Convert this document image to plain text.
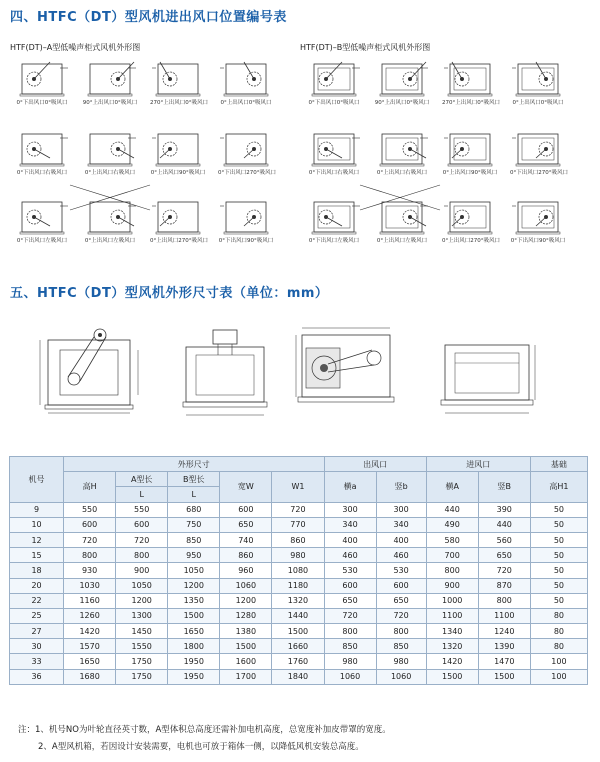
四、HTFC（DT）型风机进出风口位置编号表
HTF(DT)–A型低噪声柜式风机外形图	HTF(DT)–B型低噪声柜式风机外形图
0°下出风口0°吸风口	90°上出风口0°吸风口 270°上出风口0°吸风口	0°上出风口0°吸风口
0°下出风口右吸风口	0°上出风口右吸风口	0°上出风口90°吸风口 0°下出风口270°吸风口
0°下出风口左吸风口	0°上出风口左吸风口	0°上出风口270°吸风口 0°下出风口90°吸风口
0°下出风口0°吸风口	90°上出风口0°吸风口 270°上出风口0°吸风口	0°上出风口0°吸风口
0°下出风口右吸风口	0°上出风口右吸风口	0°上出风口90°吸风口 0°下出风口270°吸风口
0°下出风口左吸风口	0°上出风口左吸风口	0°上出风口270°吸风口 0°下出风口90°吸风口
五、HTFC（DT）型风机外形尺寸表（单位：mm）
机号	外形尺寸					出风口		进风口		基础
	高H	A型长	B型长	宽W	W1	横a	竖b	横A	竖B	高H1
		L	L							
9	550	550	680	600	720	300	300	440	390	50
10	600	600	750	650	770	340	340	490	440	50
12	720	720	850	740	860	400	400	580	560	50
15	800	800	950	860	980	460	460	700	650	50
18	930	900	1050	960	1080	530	530	800	720	50
20	1030	1050	1200	1060	1180	600	600	900	870	50
22	1160	1200	1350	1200	1320	650	650	1000	800	50
25	1260	1300	1500	1280	1440	720	720	1100	1100	80
27	1420	1450	1650	1380	1500	800	800	1340	1240	80
30	1570	1550	1800	1500	1660	850	850	1320	1390	80
33	1650	1750	1950	1600	1760	980	980	1420	1470	100
36	1680	1750	1950	1700	1840	1060	1060	1500	1500	100
注：1、机号NO为叶轮直径英寸数，A型体积总高度还需补加电机高度，总宽度补加皮带罩的宽度。
2、A型风机箱，若因设计安装需要，电机也可放于箱体一侧，以降低风机安装总高度。
